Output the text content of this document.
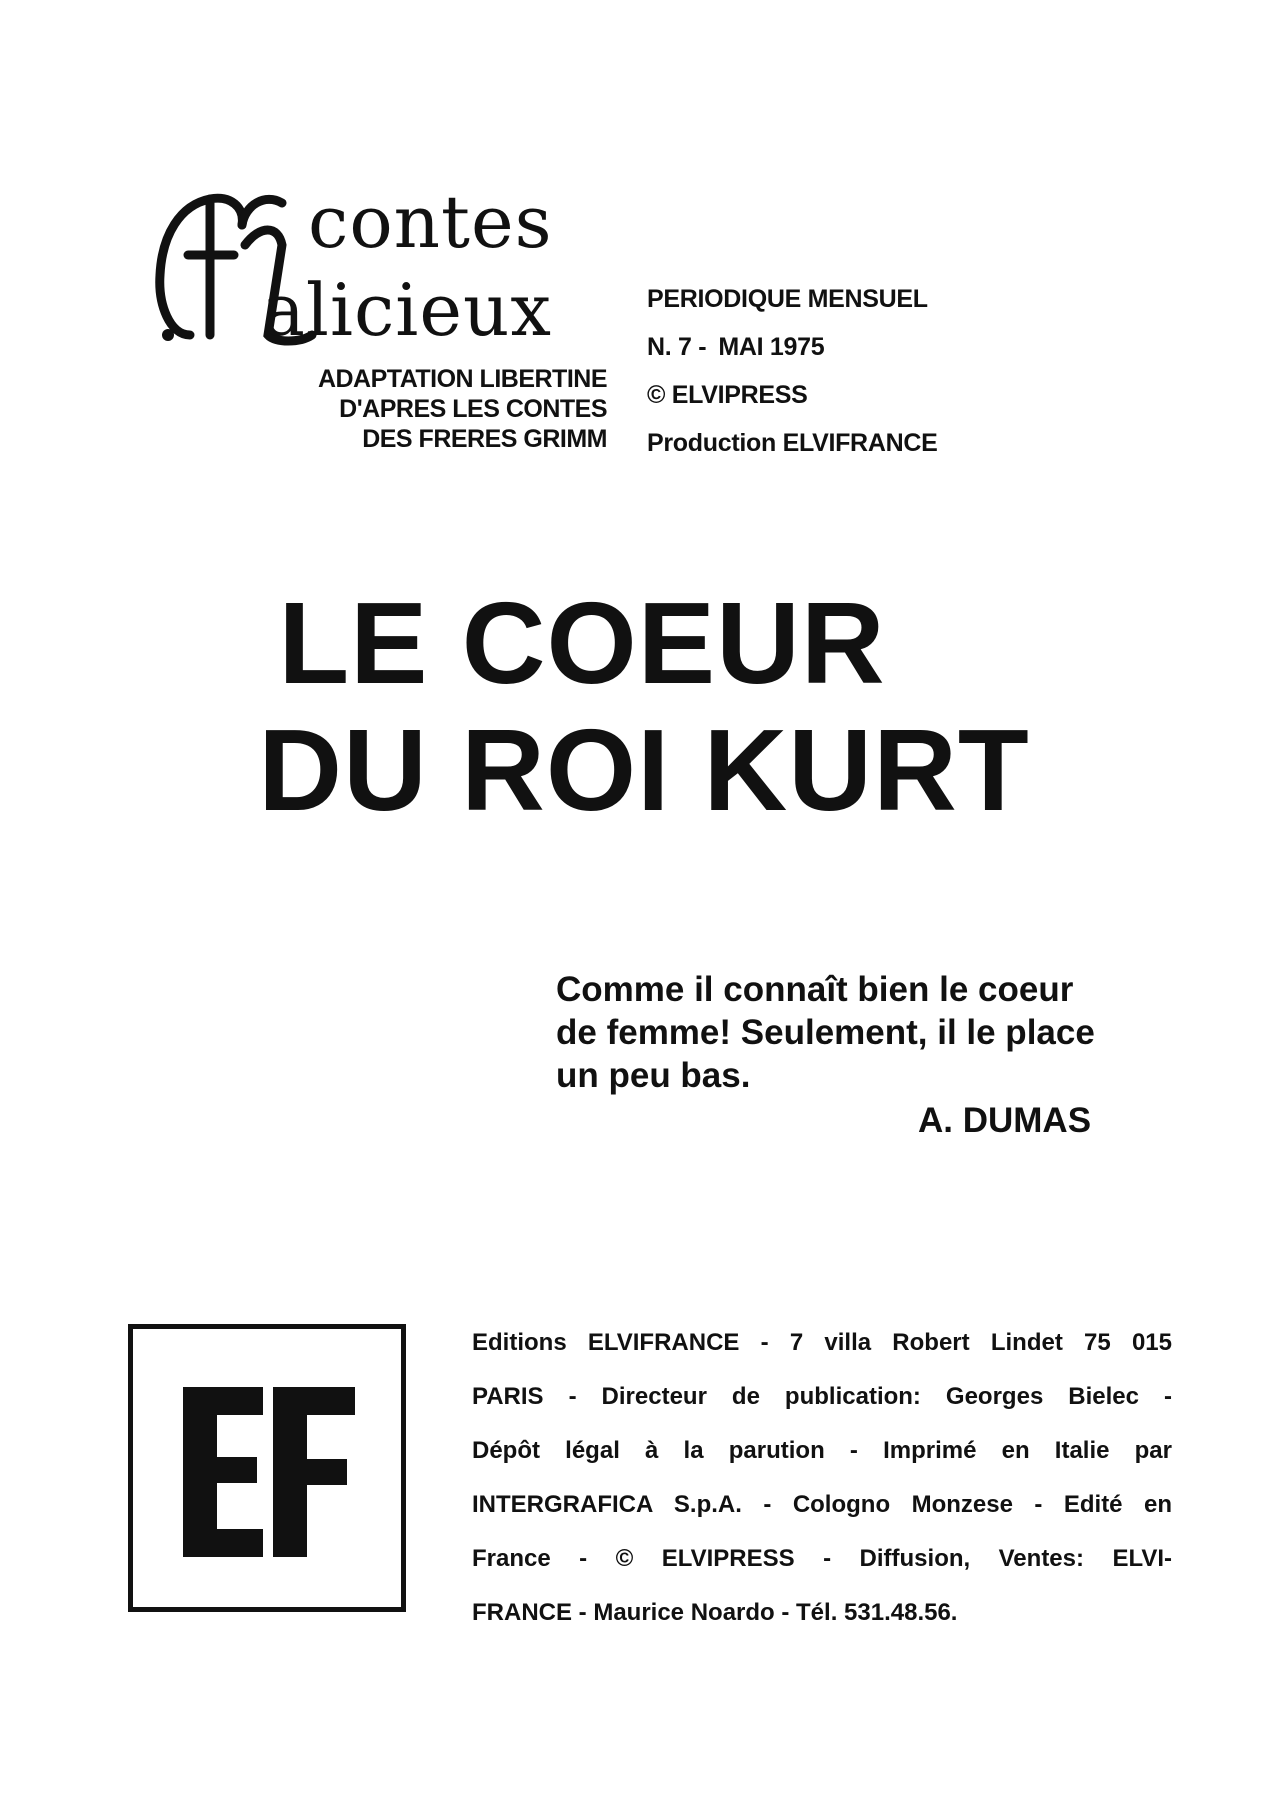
contes
alicieux
ADAPTATION LIBERTINE
D'APRES LES CONTES
DES FRERES GRIMM
PERIODIQUE MENSUEL
N. 7 - MAI 1975
© ELVIPRESS
Production ELVIFRANCE
LE COEUR
DU ROI KURT
Comme il connaît bien le coeur
de femme! Seulement, il le place
un peu bas.
A. DUMAS
Editions ELVIFRANCE - 7 villa Robert Lindet 75 015
PARIS - Directeur de publication: Georges Bielec -
Dépôt légal à la parution - Imprimé en Italie par
INTERGRAFICA S.p.A. - Cologno Monzese - Edité en
France - © ELVIPRESS - Diffusion, Ventes: ELVI-
FRANCE - Maurice Noardo - Tél. 531.48.56.
